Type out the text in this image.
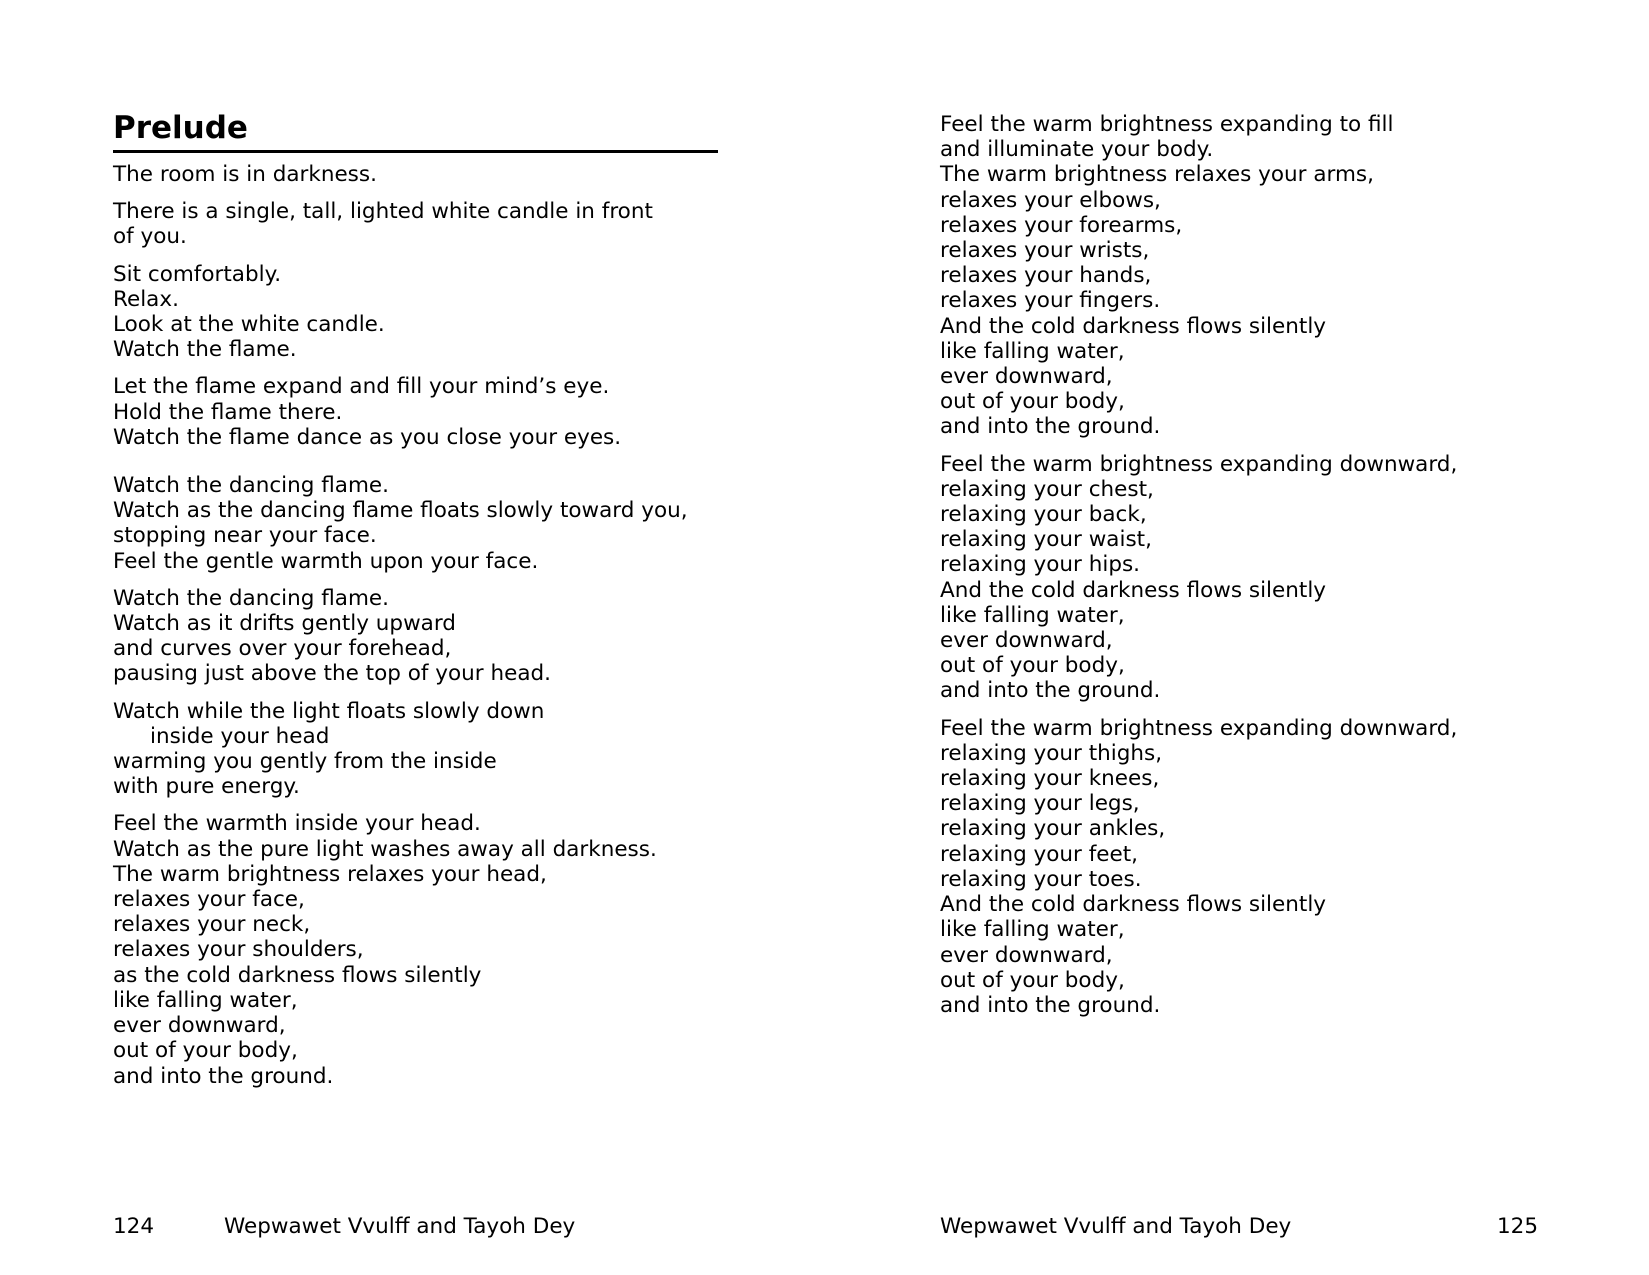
Prelude

The room is in darkness.

There is a single, tall, lighted white candle in front
of you.

Sit comfortably.
Relax.
Look at the white candle.
Watch the flame.

Let the flame expand and fill your mind’s eye.
Hold the flame there.
Watch the flame dance as you close your eyes.

Watch the dancing flame.
Watch as the dancing flame floats slowly toward you,
stopping near your face.
Feel the gentle warmth upon your face.

Watch the dancing flame.
Watch as it drifts gently upward
and curves over your forehead,
pausing just above the top of your head.

Watch while the light floats slowly down
inside your head
warming you gently from the inside
with pure energy.

Feel the warmth inside your head.
Watch as the pure light washes away all darkness.
The warm brightness relaxes your head,
relaxes your face,
relaxes your neck,
relaxes your shoulders,
as the cold darkness flows silently
like falling water,
ever downward,
out of your body,
and into the ground.

124	Wepwawet Vvulff and Tayoh Dey

Feel the warm brightness expanding to fill
and illuminate your body.
The warm brightness relaxes your arms,
relaxes your elbows,
relaxes your forearms,
relaxes your wrists,
relaxes your hands,
relaxes your fingers.
And the cold darkness flows silently
like falling water,
ever downward,
out of your body,
and into the ground.

Feel the warm brightness expanding downward,
relaxing your chest,
relaxing your back,
relaxing your waist,
relaxing your hips.
And the cold darkness flows silently
like falling water,
ever downward,
out of your body,
and into the ground.

Feel the warm brightness expanding downward,
relaxing your thighs,
relaxing your knees,
relaxing your legs,
relaxing your ankles,
relaxing your feet,
relaxing your toes.
And the cold darkness flows silently
like falling water,
ever downward,
out of your body,
and into the ground.

Wepwawet Vvulff and Tayoh Dey	125
